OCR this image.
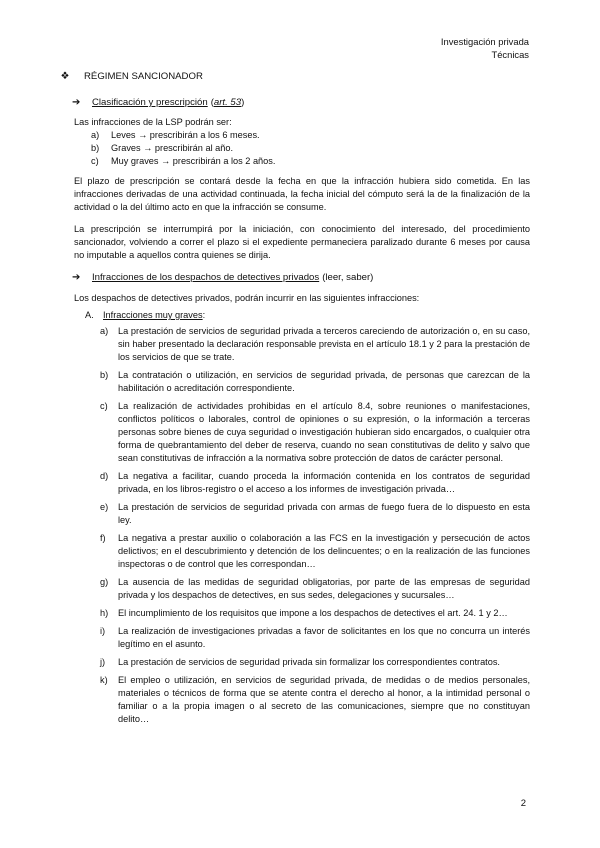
Investigación privada
Técnicas
❖ RÉGIMEN SANCIONADOR
➔	Clasificación y prescripción (art. 53)

Las infracciones de la LSP podrán ser:

a)	Leves → prescribirán a los 6 meses.
b)	Graves → prescribirán al año.
c)	Muy graves → prescribirán a los 2 años.

El plazo de prescripción se contará desde la fecha en que la infracción hubiera sido cometida. En las infracciones derivadas de una actividad continuada, la fecha inicial del cómputo será la de la finalización de la actividad o la del último acto en que la infracción se consume.

La prescripción se interrumpirá por la iniciación, con conocimiento del interesado, del procedimiento sancionador, volviendo a correr el plazo si el expediente permaneciera paralizado durante 6 meses por causa no imputable a aquellos contra quienes se dirija.

➔	Infracciones de los despachos de detectives privados (leer, saber)

Los despachos de detectives privados, podrán incurrir en las siguientes infracciones:

A.	Infracciones muy graves:
a)	La prestación de servicios de seguridad privada a terceros careciendo de autorización o, en su caso, sin haber presentado la declaración responsable prevista en el artículo 18.1 y 2 para la prestación de los servicios de que se trate.
b)	La contratación o utilización, en servicios de seguridad privada, de personas que carezcan de la habilitación o acreditación correspondiente.
c)	La realización de actividades prohibidas en el artículo 8.4, sobre reuniones o manifestaciones, conflictos políticos o laborales, control de opiniones o su expresión, o la información a terceras personas sobre bienes de cuya seguridad o investigación hubieran sido encargados, o cualquier otra forma de quebrantamiento del deber de reserva, cuando no sean constitutivas de delito y salvo que sean constitutivas de infracción a la normativa sobre protección de datos de carácter personal.
d)	La negativa a facilitar, cuando proceda la información contenida en los contratos de seguridad privada, en los libros-registro o el acceso a los informes de investigación privada…
e)	La prestación de servicios de seguridad privada con armas de fuego fuera de lo dispuesto en esta ley.
f)	La negativa a prestar auxilio o colaboración a las FCS en la investigación y persecución de actos delictivos; en el descubrimiento y detención de los delincuentes; o en la realización de las funciones inspectoras o de control que les correspondan…
g)	La ausencia de las medidas de seguridad obligatorias, por parte de las empresas de seguridad privada y los despachos de detectives, en sus sedes, delegaciones y sucursales…
h)	El incumplimiento de los requisitos que impone a los despachos de detectives el art. 24. 1 y 2…
i)	La realización de investigaciones privadas a favor de solicitantes en los que no concurra un interés legítimo en el asunto.
j)	La prestación de servicios de seguridad privada sin formalizar los correspondientes contratos.
k)	El empleo o utilización, en servicios de seguridad privada, de medidas o de medios personales, materiales o técnicos de forma que se atente contra el derecho al honor, a la intimidad personal o familiar o a la propia imagen o al secreto de las comunicaciones, siempre que no constituyan delito…
2
